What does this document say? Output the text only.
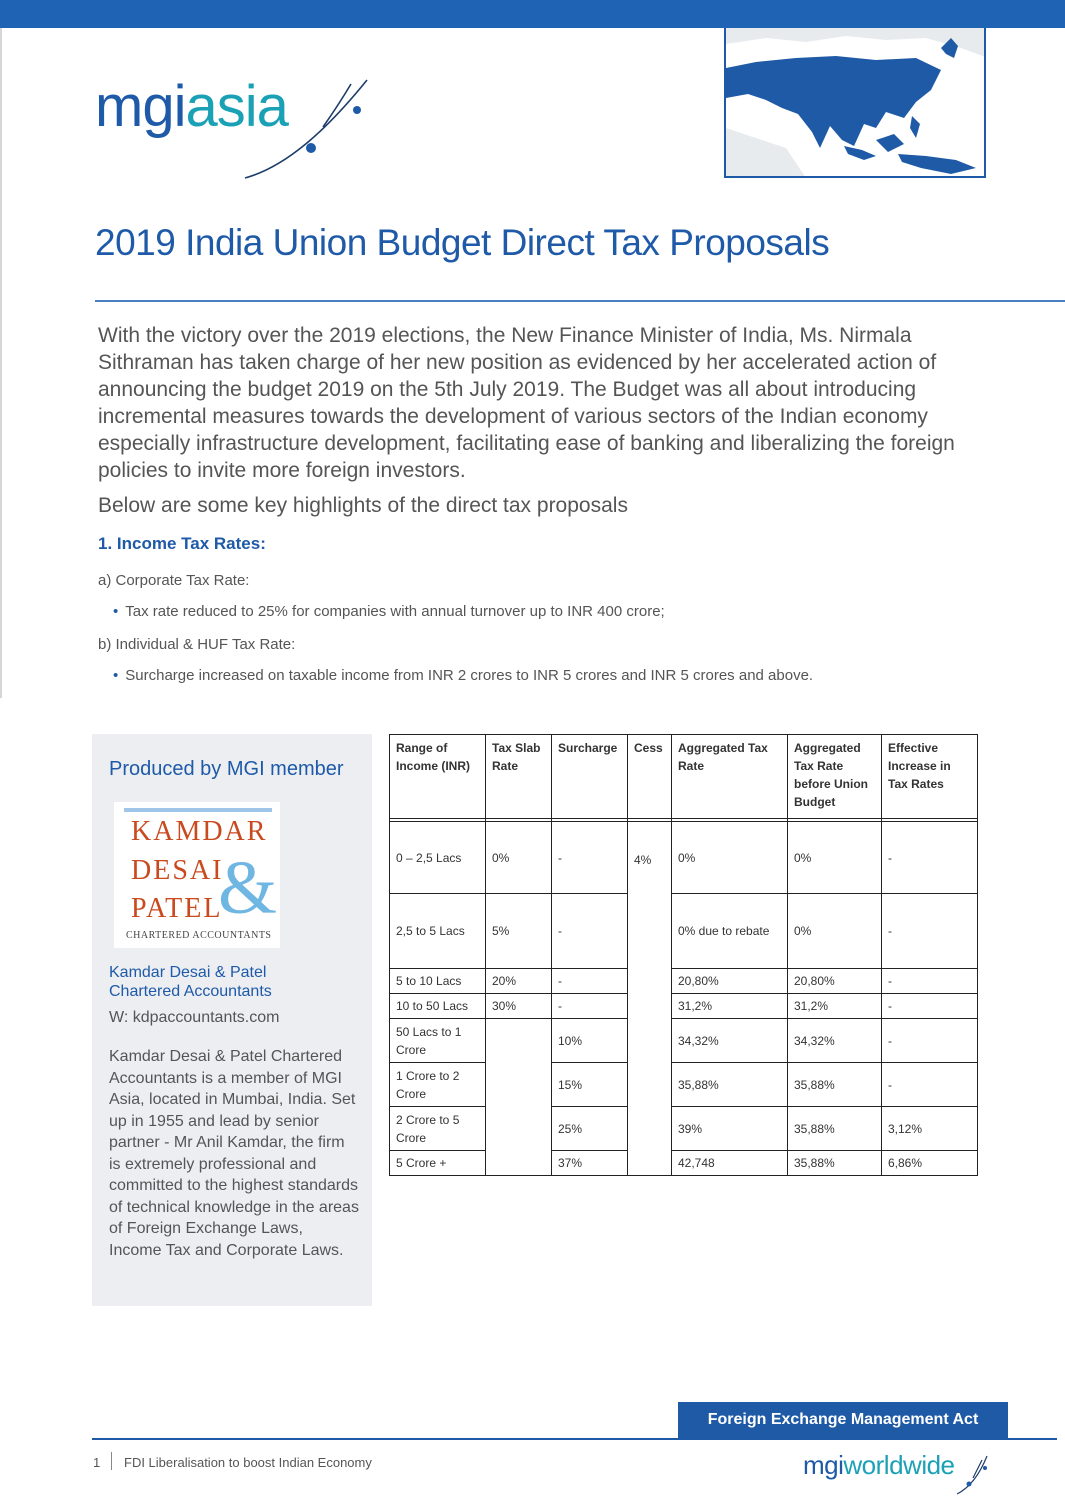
mgiasia
2019 India Union Budget Direct Tax Proposals

With the victory over the 2019 elections, the New Finance Minister of India, Ms. Nirmala Sithraman has taken charge of her new position as evidenced by her accelerated action of announcing the budget 2019 on the 5th July 2019. The Budget was all about introducing incremental measures towards the development of various sectors of the Indian economy especially infrastructure development, facilitating ease of banking and liberalizing the foreign policies to invite more foreign investors.

Below are some key highlights of the direct tax proposals
1. Income Tax Rates:
a) Corporate Tax Rate:
• Tax rate reduced to 25% for companies with annual turnover up to INR 400 crore;
b) Individual & HUF Tax Rate:
• Surcharge increased on taxable income from INR 2 crores to INR 5 crores and INR 5 crores and above.
Produced by MGI member
KAMDAR
DESAI
PATEL
&
CHARTERED ACCOUNTANTS
Kamdar Desai & Patel
Chartered Accountants
W: kdpaccountants.com

Kamdar Desai & Patel Chartered Accountants is a member of MGI Asia, located in Mumbai, India. Set up in 1955 and lead by senior partner - Mr Anil Kamdar, the firm is extremely professional and committed to the highest standards of technical knowledge in the areas of Foreign Exchange Laws, Income Tax and Corporate Laws.

Range of Income (INR)	Tax Slab Rate	Surcharge	Cess	Aggregated Tax Rate	Aggregated Tax Rate before Union Budget	Effective Increase in Tax Rates

0 – 2,5 Lacs	0%	-	4%	0%	0%	-
2,5 to 5 Lacs	5%	-		0% due to rebate	0%	-
5 to 10 Lacs	20%	-		20,80%	20,80%	-
10 to 50 Lacs	30%	-		31,2%	31,2%	-
50 Lacs to 1 Crore		10%		34,32%	34,32%	-
1 Crore to 2 Crore		15%		35,88%	35,88%	-
2 Crore to 5 Crore		25%		39%	35,88%	3,12%
5 Crore +		37%		42,748	35,88%	6,86%
Foreign Exchange Management Act
1 FDI Liberalisation to boost Indian Economy	mgiworldwide
